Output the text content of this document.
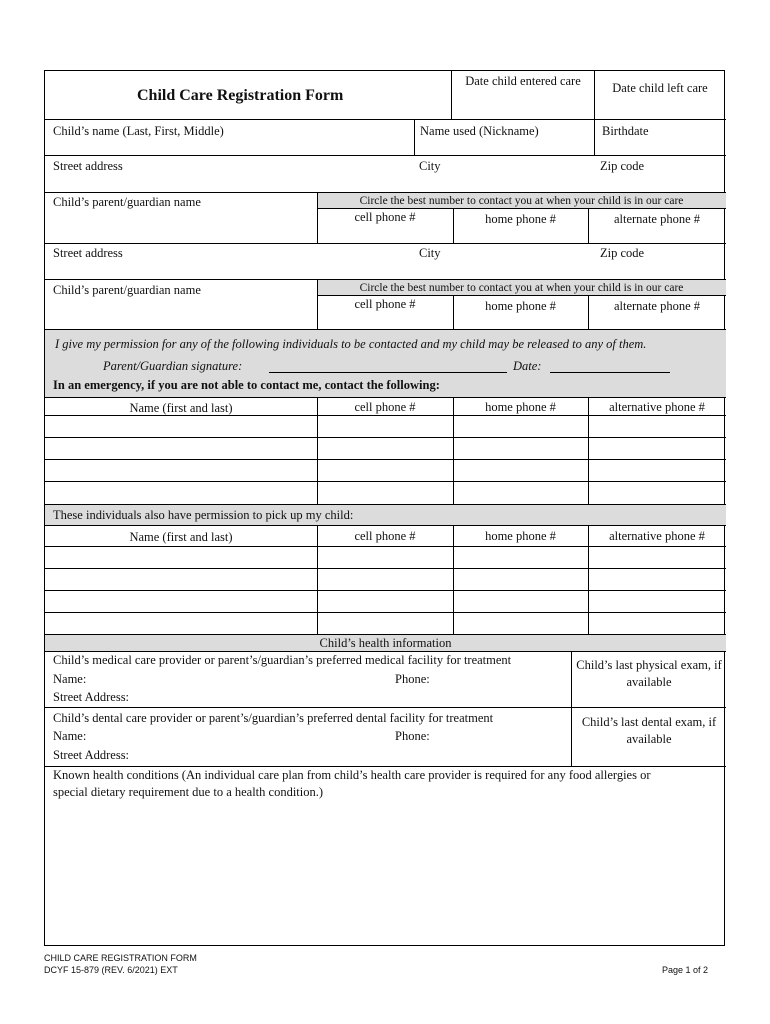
Child Care Registration Form
Date child entered care	Date child left care
Child’s name (Last, First, Middle)	Name used (Nickname)	Birthdate
Street address	City	Zip code
Child’s parent/guardian name	Circle the best number to contact you at when your child is in our care
cell phone #	home phone #	alternate phone #
Street address	City	Zip code
Child’s parent/guardian name	Circle the best number to contact you at when your child is in our care
cell phone #	home phone #	alternate phone #
I give my permission for any of the following individuals to be contacted and my child may be released to any of them.
Parent/Guardian signature:	Date:
In an emergency, if you are not able to contact me, contact the following:
Name (first and last)	cell phone #	home phone #	alternative phone #
These individuals also have permission to pick up my child:
Name (first and last)	cell phone #	home phone #	alternative phone #
Child’s health information
Child’s medical care provider or parent’s/guardian’s preferred medical facility for treatment
Name:	Phone:
Street Address:
Child’s last physical exam, if available
Child’s dental care provider or parent’s/guardian’s preferred dental facility for treatment
Name:	Phone:
Street Address:
Child’s last dental exam, if available
Known health conditions (An individual care plan from child’s health care provider is required for any food allergies or
special dietary requirement due to a health condition.)
CHILD CARE REGISTRATION FORM
DCYF 15-879 (REV. 6/2021) EXT	Page 1 of 2
